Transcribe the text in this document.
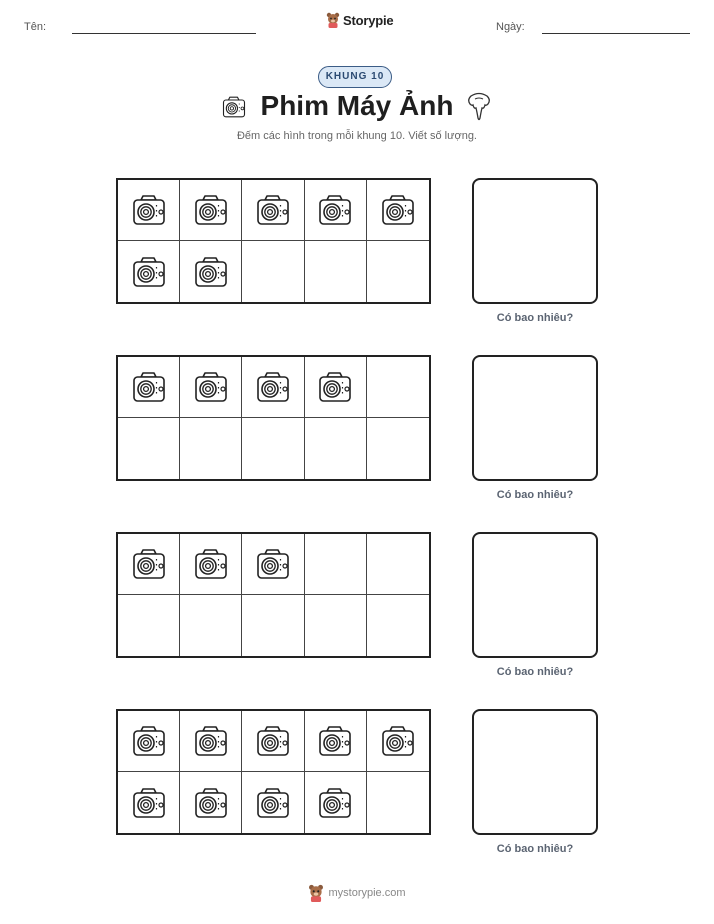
Tên:	Storypie	Ngày:
KHUNG 10
Phim Máy Ảnh
Đếm các hình trong mỗi khung 10. Viết số lượng.
Có bao nhiêu?
Có bao nhiêu?
Có bao nhiêu?
Có bao nhiêu?
mystorypie.com
